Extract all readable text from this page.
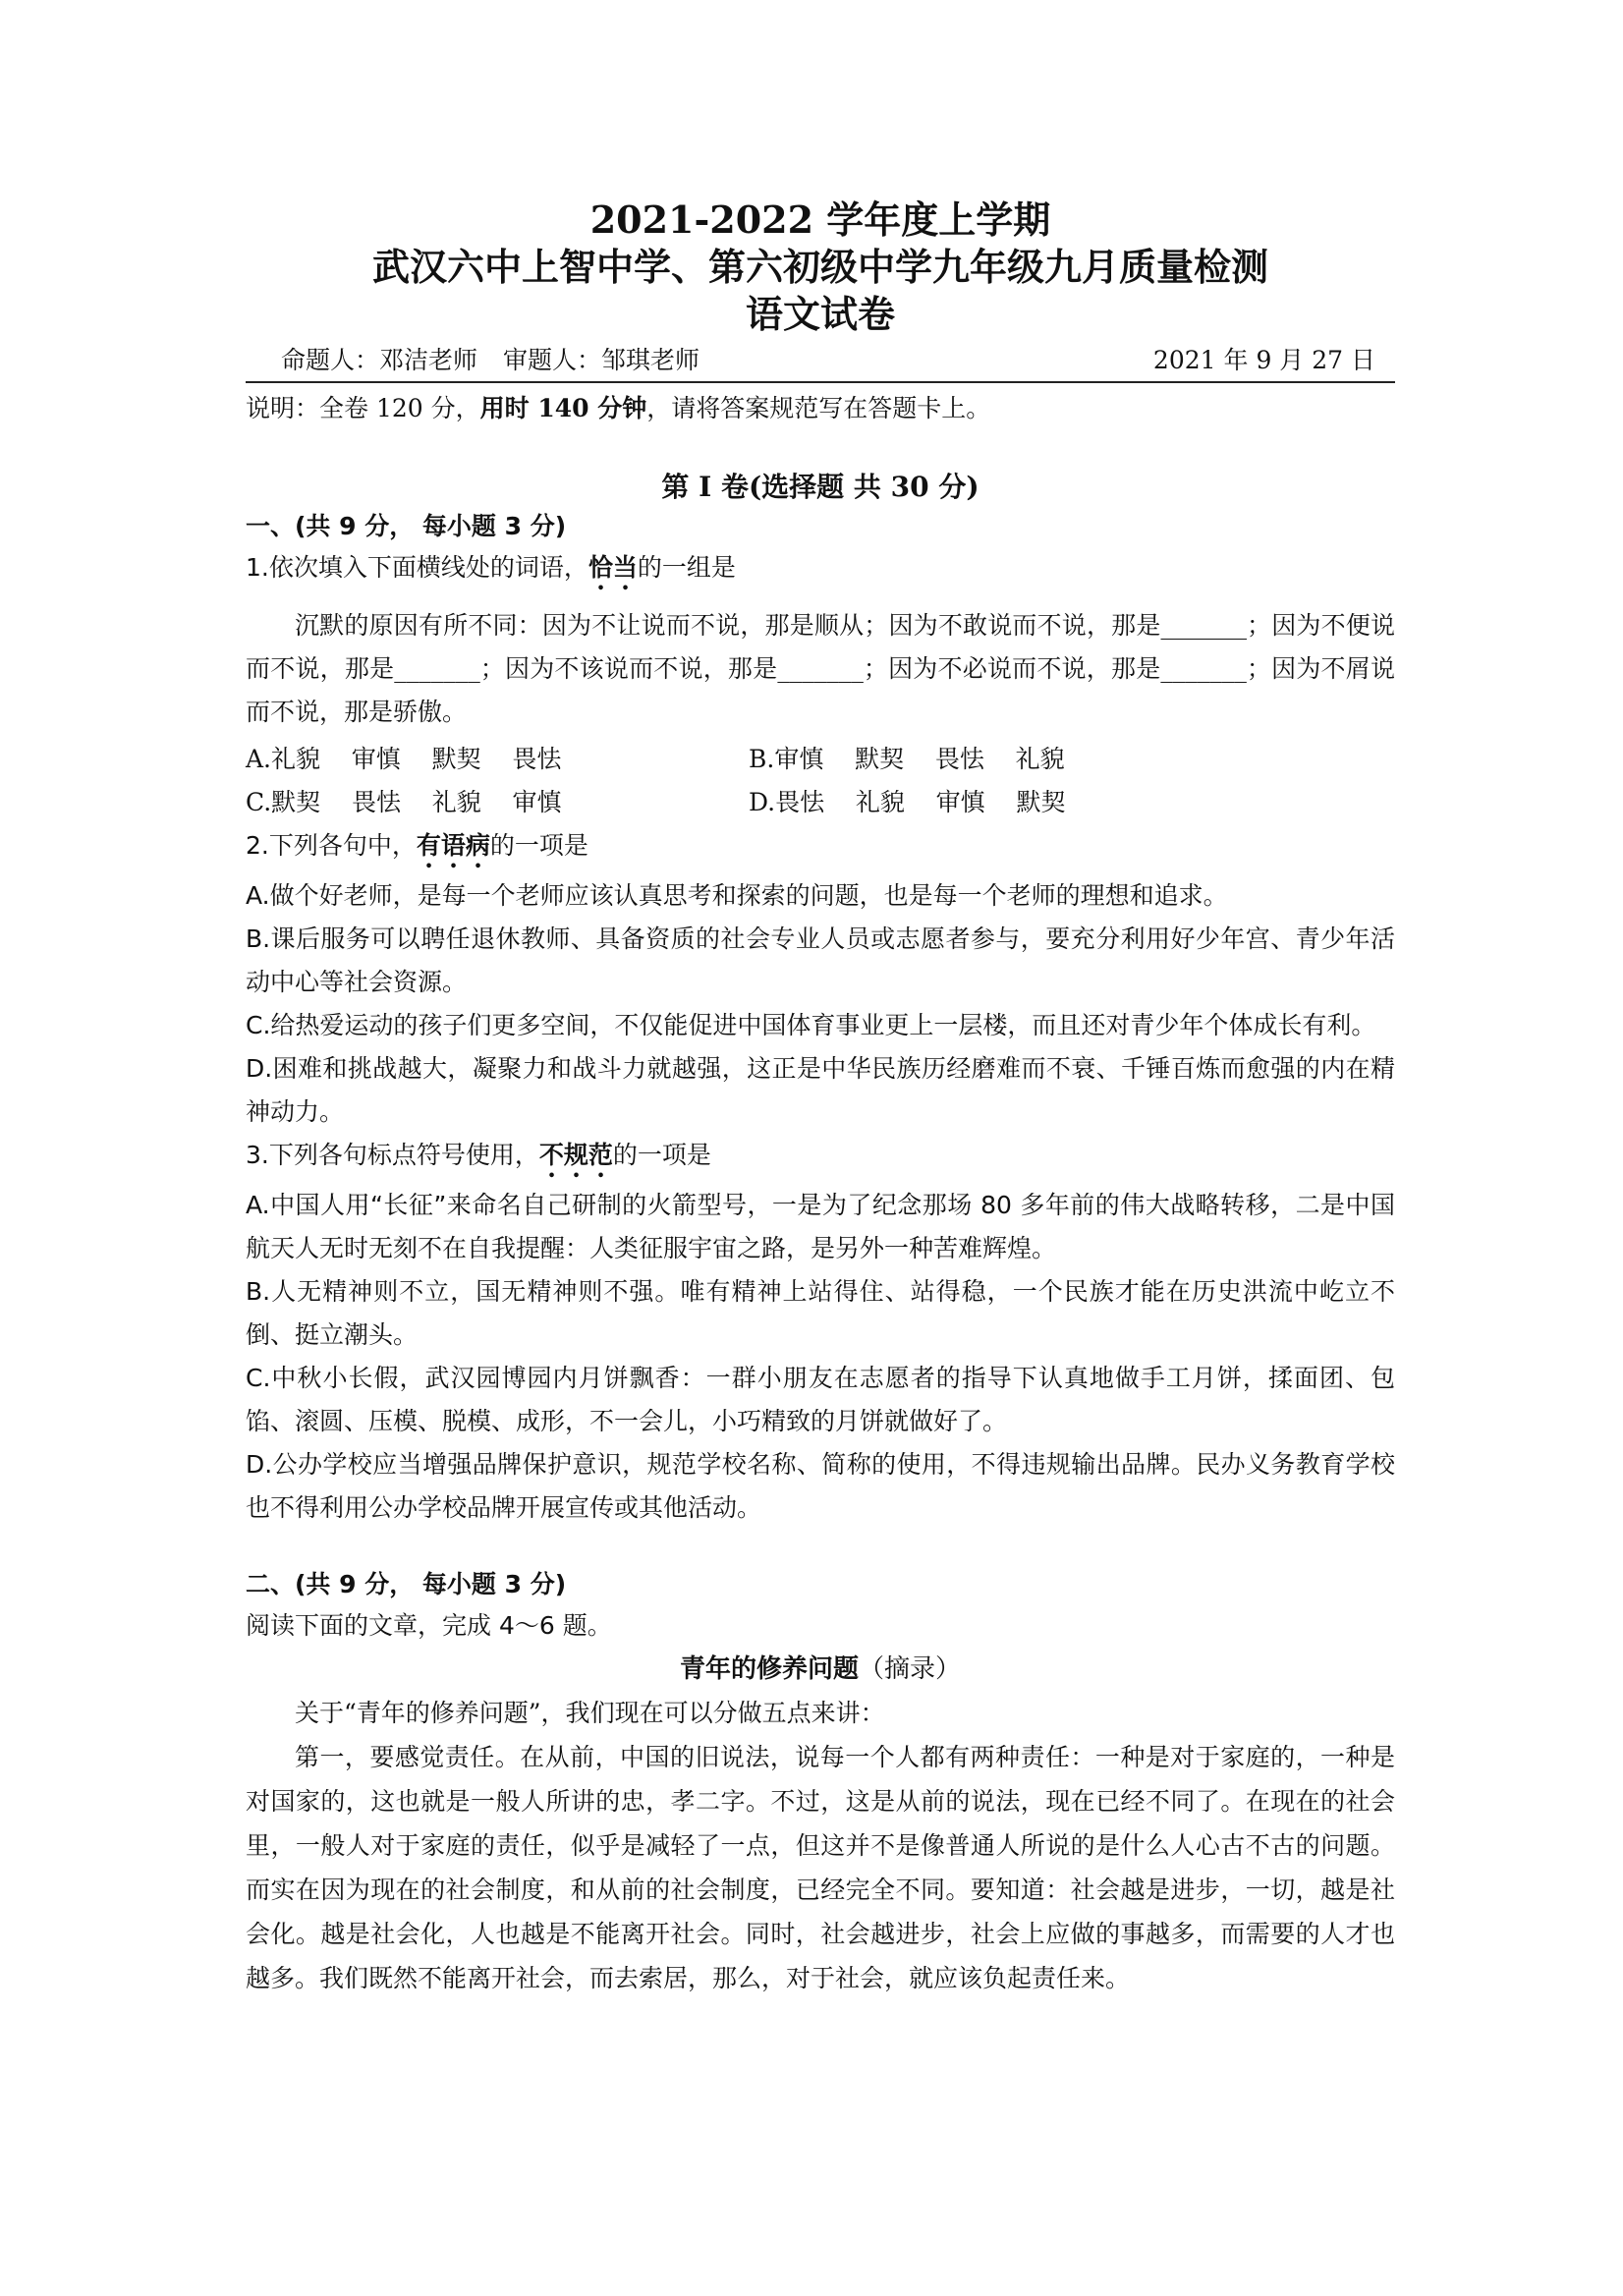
2021-2022 学年度上学期
武汉六中上智中学、第六初级中学九年级九月质量检测
语文试卷
命题人：邓洁老师 审题人：邹琪老师	2021 年 9 月 27 日
说明：全卷 120 分，用时 140 分钟，请将答案规范写在答题卡上。
第 I 卷(选择题 共 30 分)
一、(共 9 分， 每小题 3 分)
1.依次填入下面横线处的词语，恰当的一组是
沉默的原因有所不同：因为不让说而不说，那是顺从；因为不敢说而不说，那是_______；因为不便说而不说，那是_______；因为不该说而不说，那是_______；因为不必说而不说，那是_______；因为不屑说而不说，那是骄傲。
A.礼貌    审慎    默契    畏怯	B.审慎    默契    畏怯    礼貌
C.默契    畏怯    礼貌    审慎	D.畏怯    礼貌    审慎    默契
2.下列各句中，有语病的一项是
A.做个好老师，是每一个老师应该认真思考和探索的问题，也是每一个老师的理想和追求。
B.课后服务可以聘任退休教师、具备资质的社会专业人员或志愿者参与，要充分利用好少年宫、青少年活动中心等社会资源。
C.给热爱运动的孩子们更多空间，不仅能促进中国体育事业更上一层楼，而且还对青少年个体成长有利。
D.困难和挑战越大，凝聚力和战斗力就越强，这正是中华民族历经磨难而不衰、千锤百炼而愈强的内在精神动力。
3.下列各句标点符号使用，不规范的一项是
A.中国人用“长征”来命名自己研制的火箭型号，一是为了纪念那场 80 多年前的伟大战略转移，二是中国航天人无时无刻不在自我提醒：人类征服宇宙之路，是另外一种苦难辉煌。
B.人无精神则不立，国无精神则不强。唯有精神上站得住、站得稳，一个民族才能在历史洪流中屹立不倒、挺立潮头。
C.中秋小长假，武汉园博园内月饼飘香：一群小朋友在志愿者的指导下认真地做手工月饼，揉面团、包馅、滚圆、压模、脱模、成形，不一会儿，小巧精致的月饼就做好了。
D.公办学校应当增强品牌保护意识，规范学校名称、简称的使用，不得违规输出品牌。民办义务教育学校也不得利用公办学校品牌开展宣传或其他活动。
二、(共 9 分， 每小题 3 分)
阅读下面的文章，完成 4～6 题。
青年的修养问题（摘录）

关于“青年的修养问题”，我们现在可以分做五点来讲：

第一，要感觉责任。在从前，中国的旧说法，说每一个人都有两种责任：一种是对于家庭的，一种是对国家的，这也就是一般人所讲的忠，孝二字。不过，这是从前的说法，现在已经不同了。在现在的社会里，一般人对于家庭的责任，似乎是减轻了一点，但这并不是像普通人所说的是什么人心古不古的问题。而实在因为现在的社会制度，和从前的社会制度，已经完全不同。要知道：社会越是进步，一切，越是社会化。越是社会化，人也越是不能离开社会。同时，社会越进步，社会上应做的事越多，而需要的人才也越多。我们既然不能离开社会，而去索居，那么，对于社会，就应该负起责任来。
